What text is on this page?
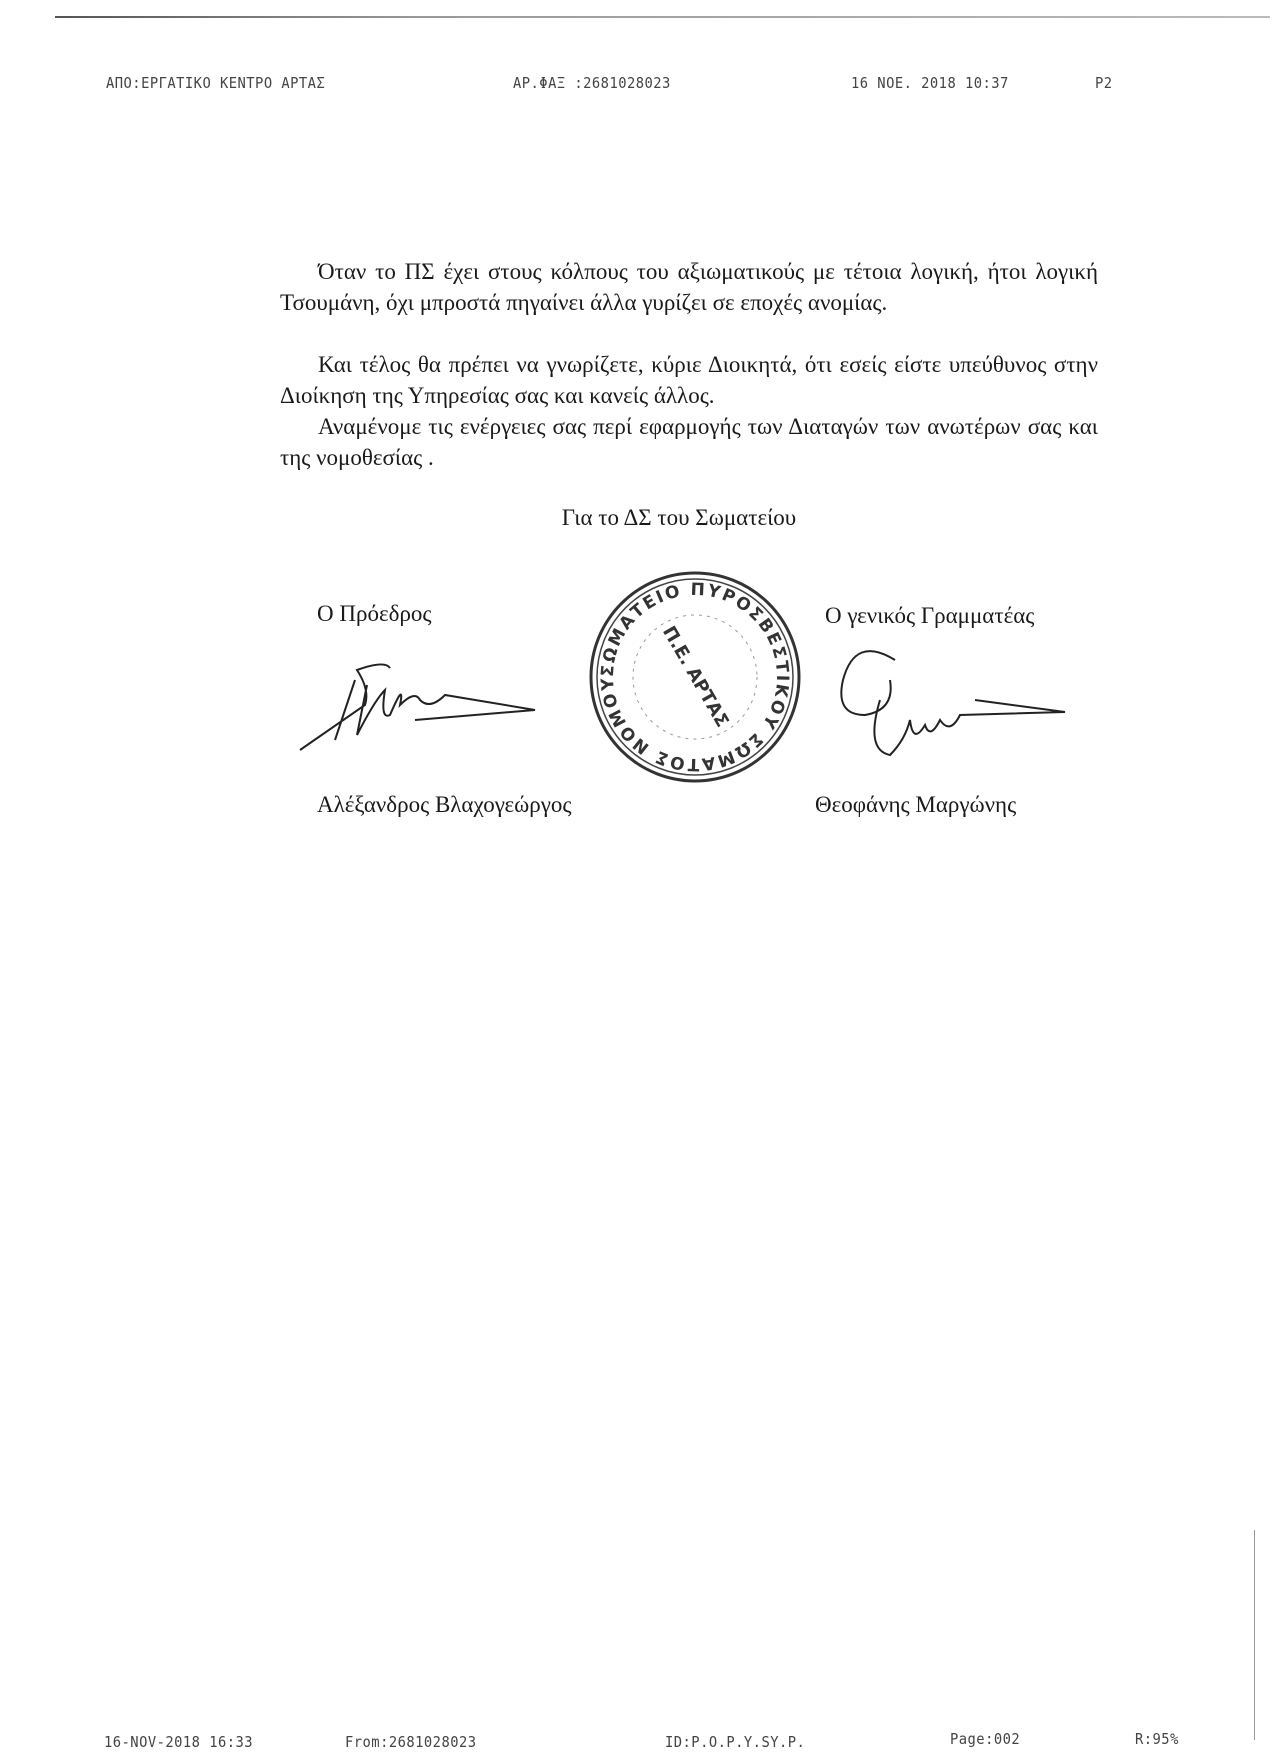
ΑΠΟ:ΕΡΓΑΤΙΚΟ ΚΕΝΤΡΟ ΑΡΤΑΣ	ΑΡ.ΦΑΞ :2681028023	16 ΝΟΕ. 2018 10:37	P2
Όταν το ΠΣ έχει στους κόλπους του αξιωματικούς με τέτοια λογική, ήτοι λογική Τσουμάνη, όχι μπροστά πηγαίνει άλλα γυρίζει σε εποχές ανομίας.
Και τέλος θα πρέπει να γνωρίζετε, κύριε Διοικητά, ότι εσείς είστε υπεύθυνος στην Διοίκηση της Υπηρεσίας σας και κανείς άλλος.
Αναμένομε τις ενέργειες σας περί εφαρμογής των Διαταγών των ανωτέρων σας και της νομοθεσίας .
Για το ΔΣ του Σωματείου
Ο Πρόεδρος	Ο γενικός Γραμματέας
ΣΩΜΑΤΕΙΟ ΠΥΡΟΣΒΕΣΤΙΚΟΥ ΣΩΜΑΤΟΣ ΝΟΜΟΥ	Π.Ε. ΑΡΤΑΣ
Αλέξανδρος Βλαχογεώργος	Θεοφάνης Μαργώνης
16-NOV-2018 16:33	From:2681028023	ID:P.O.P.Y.SY.P.	Page:002	R:95%
